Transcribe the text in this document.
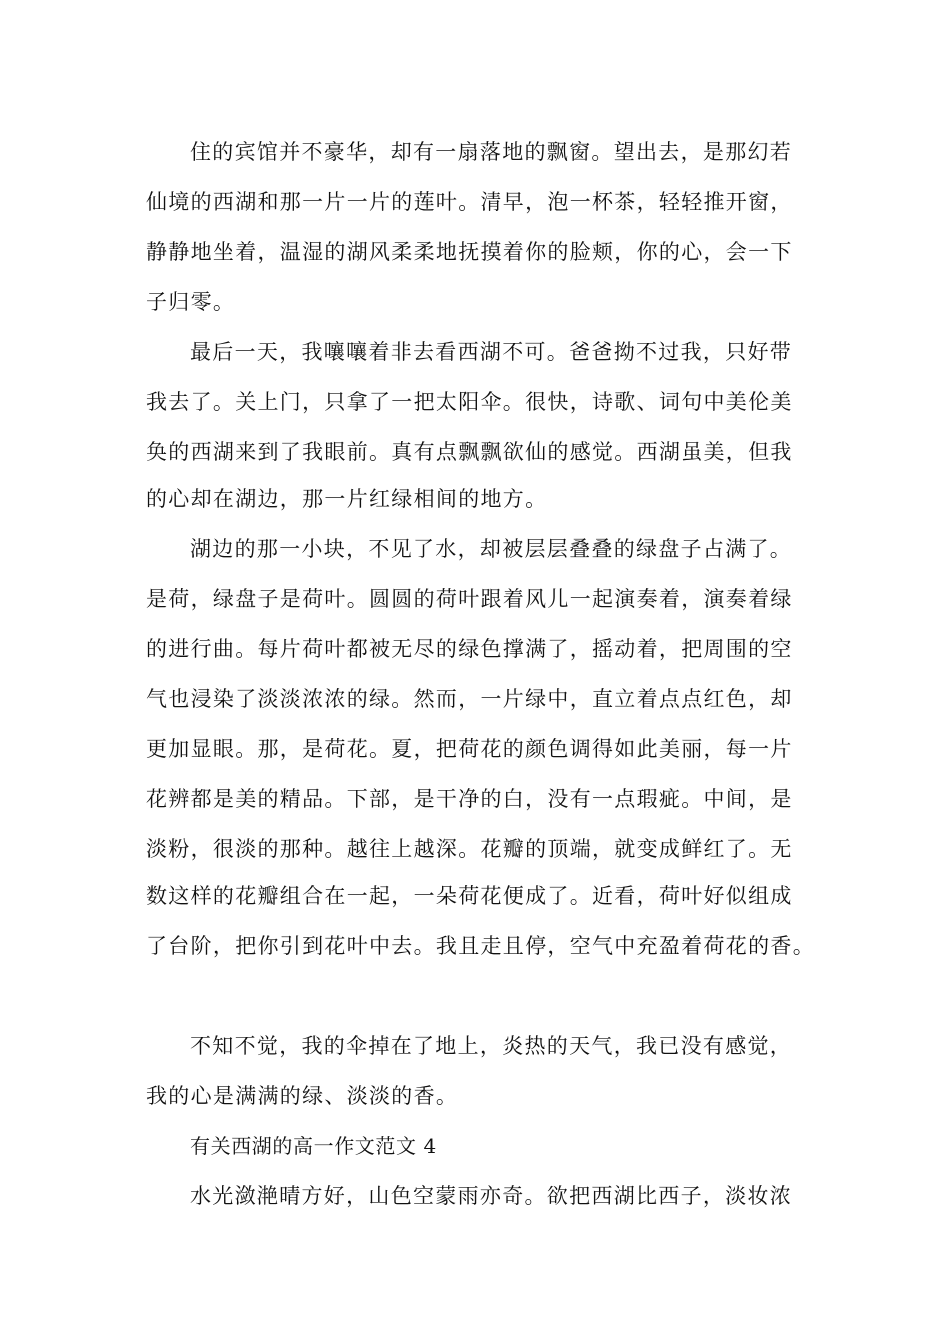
住的宾馆并不豪华，却有一扇落地的飘窗。望出去，是那幻若
仙境的西湖和那一片一片的莲叶。清早，泡一杯茶，轻轻推开窗，
静静地坐着，温湿的湖风柔柔地抚摸着你的脸颊，你的心，会一下
子归零。
最后一天，我嚷嚷着非去看西湖不可。爸爸拗不过我，只好带
我去了。关上门，只拿了一把太阳伞。很快，诗歌、词句中美伦美
奂的西湖来到了我眼前。真有点飘飘欲仙的感觉。西湖虽美，但我
的心却在湖边，那一片红绿相间的地方。
湖边的那一小块，不见了水，却被层层叠叠的绿盘子占满了。
是荷，绿盘子是荷叶。圆圆的荷叶跟着风儿一起演奏着，演奏着绿
的进行曲。每片荷叶都被无尽的绿色撑满了，摇动着，把周围的空
气也浸染了淡淡浓浓的绿。然而，一片绿中，直立着点点红色，却
更加显眼。那，是荷花。夏，把荷花的颜色调得如此美丽，每一片
花辨都是美的精品。下部，是干净的白，没有一点瑕疵。中间，是
淡粉，很淡的那种。越往上越深。花瓣的顶端，就变成鲜红了。无
数这样的花瓣组合在一起，一朵荷花便成了。近看，荷叶好似组成
了台阶，把你引到花叶中去。我且走且停，空气中充盈着荷花的香。
不知不觉，我的伞掉在了地上，炎热的天气，我已没有感觉，
我的心是满满的绿、淡淡的香。
有关西湖的高一作文范文 4
水光潋滟晴方好，山色空蒙雨亦奇。欲把西湖比西子，淡妆浓
